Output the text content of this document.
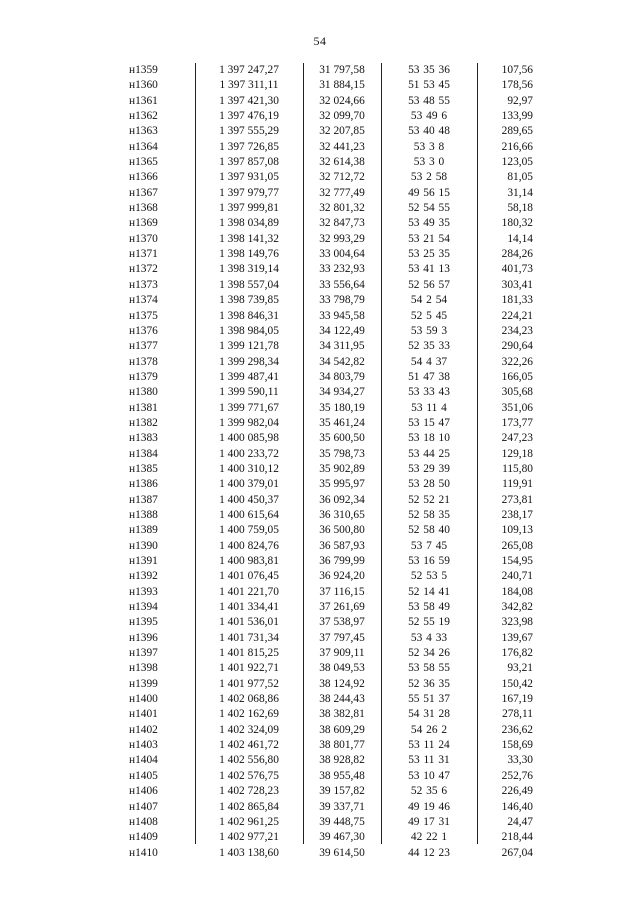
54
н1359	1 397 247,27	31 797,58	53 35 36	107,56
н1360	1 397 311,11	31 884,15	51 53 45	178,56
н1361	1 397 421,30	32 024,66	53 48 55	92,97
н1362	1 397 476,19	32 099,70	53 49 6	133,99
н1363	1 397 555,29	32 207,85	53 40 48	289,65
н1364	1 397 726,85	32 441,23	53 3 8	216,66
н1365	1 397 857,08	32 614,38	53 3 0	123,05
н1366	1 397 931,05	32 712,72	53 2 58	81,05
н1367	1 397 979,77	32 777,49	49 56 15	31,14
н1368	1 397 999,81	32 801,32	52 54 55	58,18
н1369	1 398 034,89	32 847,73	53 49 35	180,32
н1370	1 398 141,32	32 993,29	53 21 54	14,14
н1371	1 398 149,76	33 004,64	53 25 35	284,26
н1372	1 398 319,14	33 232,93	53 41 13	401,73
н1373	1 398 557,04	33 556,64	52 56 57	303,41
н1374	1 398 739,85	33 798,79	54 2 54	181,33
н1375	1 398 846,31	33 945,58	52 5 45	224,21
н1376	1 398 984,05	34 122,49	53 59 3	234,23
н1377	1 399 121,78	34 311,95	52 35 33	290,64
н1378	1 399 298,34	34 542,82	54 4 37	322,26
н1379	1 399 487,41	34 803,79	51 47 38	166,05
н1380	1 399 590,11	34 934,27	53 33 43	305,68
н1381	1 399 771,67	35 180,19	53 11 4	351,06
н1382	1 399 982,04	35 461,24	53 15 47	173,77
н1383	1 400 085,98	35 600,50	53 18 10	247,23
н1384	1 400 233,72	35 798,73	53 44 25	129,18
н1385	1 400 310,12	35 902,89	53 29 39	115,80
н1386	1 400 379,01	35 995,97	53 28 50	119,91
н1387	1 400 450,37	36 092,34	52 52 21	273,81
н1388	1 400 615,64	36 310,65	52 58 35	238,17
н1389	1 400 759,05	36 500,80	52 58 40	109,13
н1390	1 400 824,76	36 587,93	53 7 45	265,08
н1391	1 400 983,81	36 799,99	53 16 59	154,95
н1392	1 401 076,45	36 924,20	52 53 5	240,71
н1393	1 401 221,70	37 116,15	52 14 41	184,08
н1394	1 401 334,41	37 261,69	53 58 49	342,82
н1395	1 401 536,01	37 538,97	52 55 19	323,98
н1396	1 401 731,34	37 797,45	53 4 33	139,67
н1397	1 401 815,25	37 909,11	52 34 26	176,82
н1398	1 401 922,71	38 049,53	53 58 55	93,21
н1399	1 401 977,52	38 124,92	52 36 35	150,42
н1400	1 402 068,86	38 244,43	55 51 37	167,19
н1401	1 402 162,69	38 382,81	54 31 28	278,11
н1402	1 402 324,09	38 609,29	54 26 2	236,62
н1403	1 402 461,72	38 801,77	53 11 24	158,69
н1404	1 402 556,80	38 928,82	53 11 31	33,30
н1405	1 402 576,75	38 955,48	53 10 47	252,76
н1406	1 402 728,23	39 157,82	52 35 6	226,49
н1407	1 402 865,84	39 337,71	49 19 46	146,40
н1408	1 402 961,25	39 448,75	49 17 31	24,47
н1409	1 402 977,21	39 467,30	42 22 1	218,44
н1410	1 403 138,60	39 614,50	44 12 23	267,04
